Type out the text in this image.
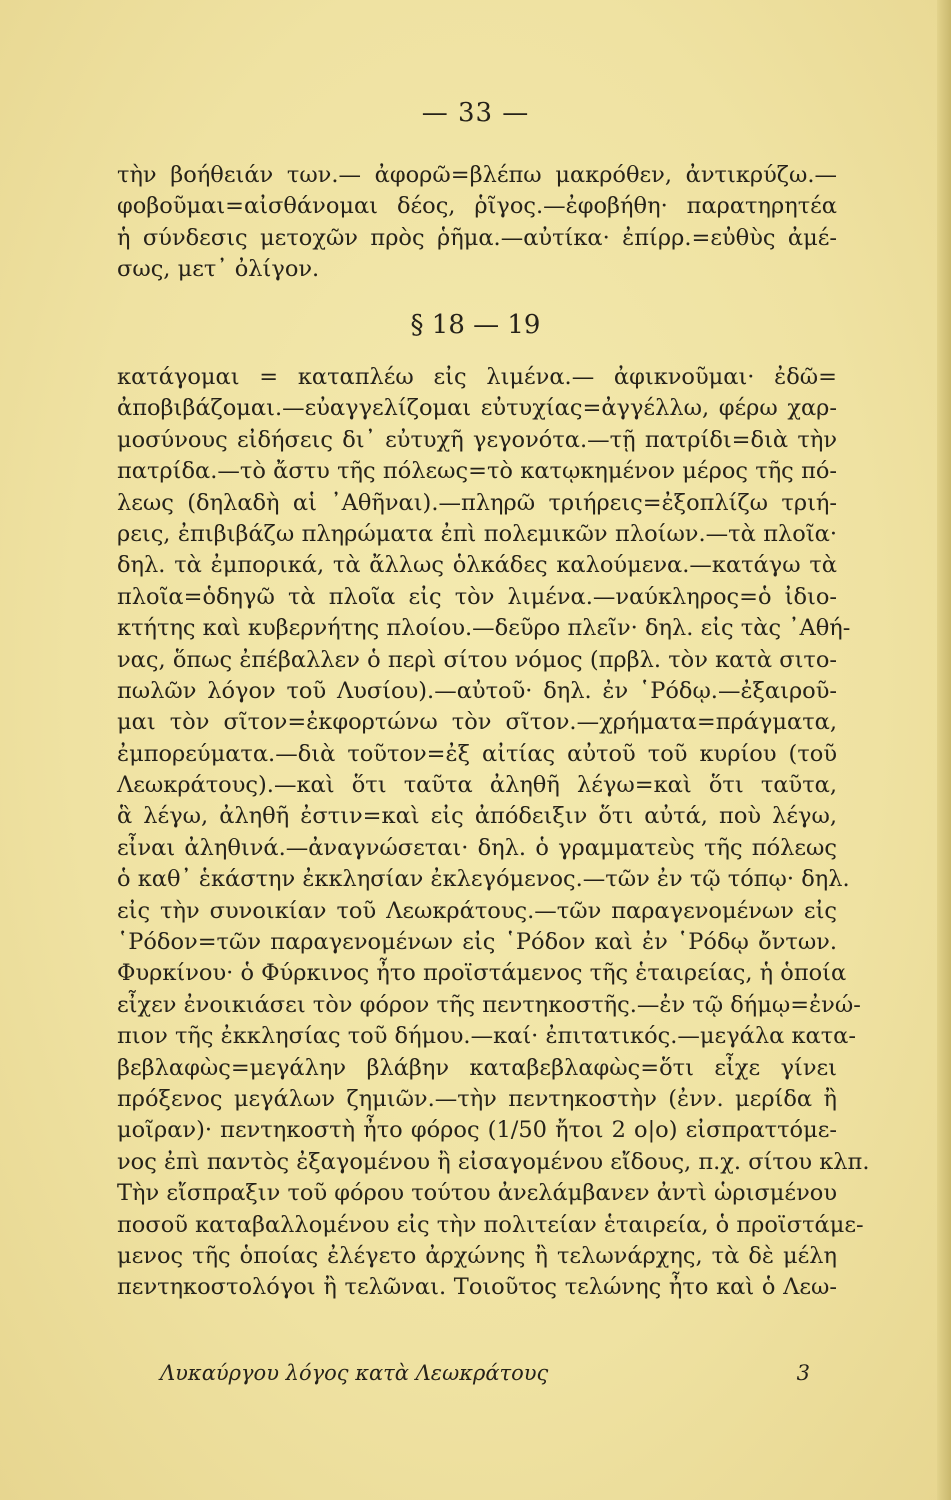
— 33 —
τὴν βοήθειάν των.— ἀφορῶ=βλέπω μακρόθεν, ἀντικρύζω.—
φοβοῦμαι=αἰσθάνομαι δέος, ῥῖγος.—ἐφοβήθη· παρατηρητέα
ἡ σύνδεσις μετοχῶν πρὸς ῥῆμα.—αὐτίκα· ἐπίρρ.=εὐθὺς ἀμέ-
σως, μετ᾽ ὀλίγον.
§ 18 — 19
κατάγομαι = καταπλέω εἰς λιμένα.— ἀφικνοῦμαι· ἐδῶ=
ἀποβιβάζομαι.—εὐαγγελίζομαι εὐτυχίας=ἀγγέλλω, φέρω χαρ-
μοσύνους εἰδήσεις δι᾽ εὐτυχῆ γεγονότα.—τῇ πατρίδι=διὰ τὴν
πατρίδα.—τὸ ἄστυ τῆς πόλεως=τὸ κατῳκημένον μέρος τῆς πό-
λεως (δηλαδὴ αἱ ᾿Αθῆναι).—πληρῶ τριήρεις=ἐξοπλίζω τριή-
ρεις, ἐπιβιβάζω πληρώματα ἐπὶ πολεμικῶν πλοίων.—τὰ πλοῖα·
δηλ. τὰ ἐμπορικά, τὰ ἄλλως ὁλκάδες καλούμενα.—κατάγω τὰ
πλοῖα=ὁδηγῶ τὰ πλοῖα εἰς τὸν λιμένα.—ναύκληρος=ὁ ἰδιο-
κτήτης καὶ κυβερνήτης πλοίου.—δεῦρο πλεῖν· δηλ. εἰς τὰς ᾿Αθή-
νας, ὅπως ἐπέβαλλεν ὁ περὶ σίτου νόμος (πρβλ. τὸν κατὰ σιτο-
πωλῶν λόγον τοῦ Λυσίου).—αὐτοῦ· δηλ. ἐν ῾Ρόδῳ.—ἐξαιροῦ-
μαι τὸν σῖτον=ἐκφορτώνω τὸν σῖτον.—χρήματα=πράγματα,
ἐμπορεύματα.—διὰ τοῦτον=ἐξ αἰτίας αὐτοῦ τοῦ κυρίου (τοῦ
Λεωκράτους).—καὶ ὅτι ταῦτα ἀληθῆ λέγω=καὶ ὅτι ταῦτα,
ἃ λέγω, ἀληθῆ ἐστιν=καὶ εἰς ἀπόδειξιν ὅτι αὐτά, ποὺ λέγω,
εἶναι ἀληθινά.—ἀναγνώσεται· δηλ. ὁ γραμματεὺς τῆς πόλεως
ὁ καθ᾽ ἑκάστην ἐκκλησίαν ἐκλεγόμενος.—τῶν ἐν τῷ τόπῳ· δηλ.
εἰς τὴν συνοικίαν τοῦ Λεωκράτους.—τῶν παραγενομένων εἰς
῾Ρόδον=τῶν παραγενομένων εἰς ῾Ρόδον καὶ ἐν ῾Ρόδῳ ὄντων.
Φυρκίνου· ὁ Φύρκινος ἦτο προϊστάμενος τῆς ἑταιρείας, ἡ ὁποία
εἶχεν ἐνοικιάσει τὸν φόρον τῆς πεντηκοστῆς.—ἐν τῷ δήμῳ=ἐνώ-
πιον τῆς ἐκκλησίας τοῦ δήμου.—καί· ἐπιτατικός.—μεγάλα κατα-
βεβλαφὼς=μεγάλην βλάβην καταβεβλαφὼς=ὅτι εἶχε γίνει
πρόξενος μεγάλων ζημιῶν.—τὴν πεντηκοστὴν (ἐνν. μερίδα ἢ
μοῖραν)· πεντηκοστὴ ἦτο φόρος (1/50 ἤτοι 2 ο|ο) εἰσπραττόμε-
νος ἐπὶ παντὸς ἐξαγομένου ἢ εἰσαγομένου εἴδους, π.χ. σίτου κλπ.
Τὴν εἴσπραξιν τοῦ φόρου τούτου ἀνελάμβανεν ἀντὶ ὡρισμένου
ποσοῦ καταβαλλομένου εἰς τὴν πολιτείαν ἑταιρεία, ὁ προϊστάμε-
μενος τῆς ὁποίας ἐλέγετο ἀρχώνης ἢ τελωνάρχης, τὰ δὲ μέλη
πεντηκοστολόγοι ἢ τελῶναι. Τοιοῦτος τελώνης ἦτο καὶ ὁ Λεω-
Λυκαύργου λόγος κατὰ Λεωκράτους	3
